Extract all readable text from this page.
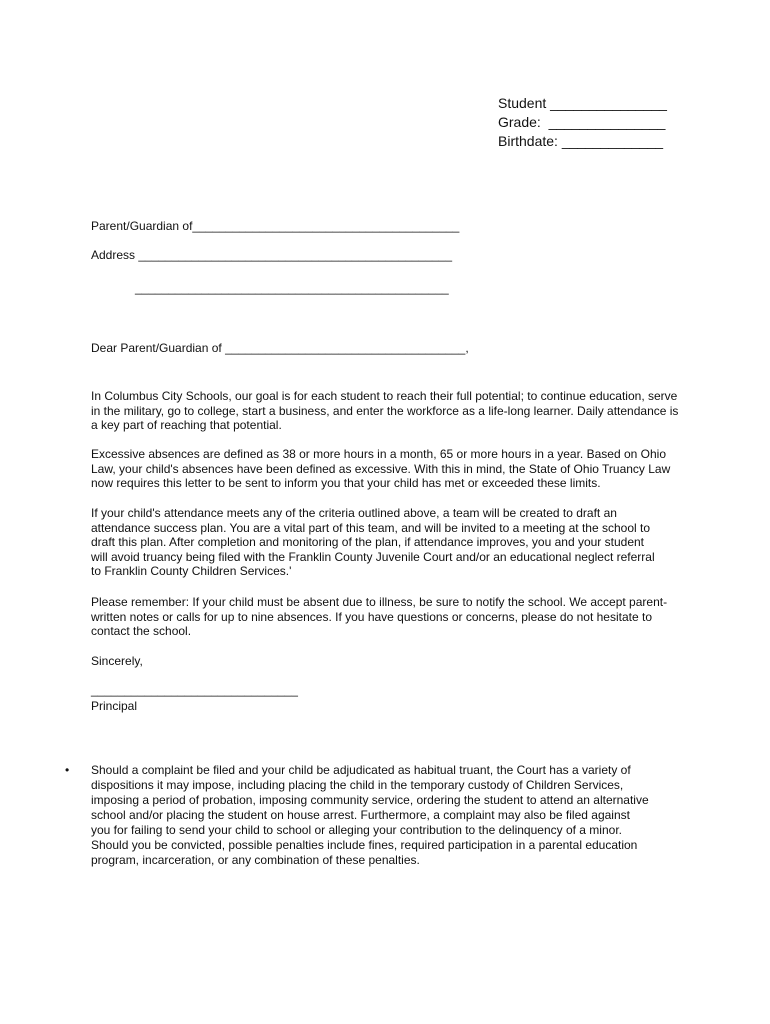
Student _______________
Grade:  _______________
Birthdate: _____________
Parent/Guardian of________________________________________
Address _______________________________________________
_______________________________________________
Dear Parent/Guardian of ____________________________________,
In Columbus City Schools, our goal is for each student to reach their full potential; to continue education, serve
in the military, go to college, start a business, and enter the workforce as a life-long learner. Daily attendance is
a key part of reaching that potential.
Excessive absences are defined as 38 or more hours in a month, 65 or more hours in a year. Based on Ohio
Law, your child's absences have been defined as excessive. With this in mind, the State of Ohio Truancy Law
now requires this letter to be sent to inform you that your child has met or exceeded these limits.
If your child's attendance meets any of the criteria outlined above, a team will be created to draft an
attendance success plan. You are a vital part of this team, and will be invited to a meeting at the school to
draft this plan. After completion and monitoring of the plan, if attendance improves, you and your student
will avoid truancy being filed with the Franklin County Juvenile Court and/or an educational neglect referral
to Franklin County Children Services.'
Please remember: If your child must be absent due to illness, be sure to notify the school. We accept parent-
written notes or calls for up to nine absences. If you have questions or concerns, please do not hesitate to
contact the school.
Sincerely,
_______________________________
Principal
• Should a complaint be filed and your child be adjudicated as habitual truant, the Court has a variety of
dispositions it may impose, including placing the child in the temporary custody of Children Services,
imposing a period of probation, imposing community service, ordering the student to attend an alternative
school and/or placing the student on house arrest. Furthermore, a complaint may also be filed against
you for failing to send your child to school or alleging your contribution to the delinquency of a minor.
Should you be convicted, possible penalties include fines, required participation in a parental education
program, incarceration, or any combination of these penalties.
